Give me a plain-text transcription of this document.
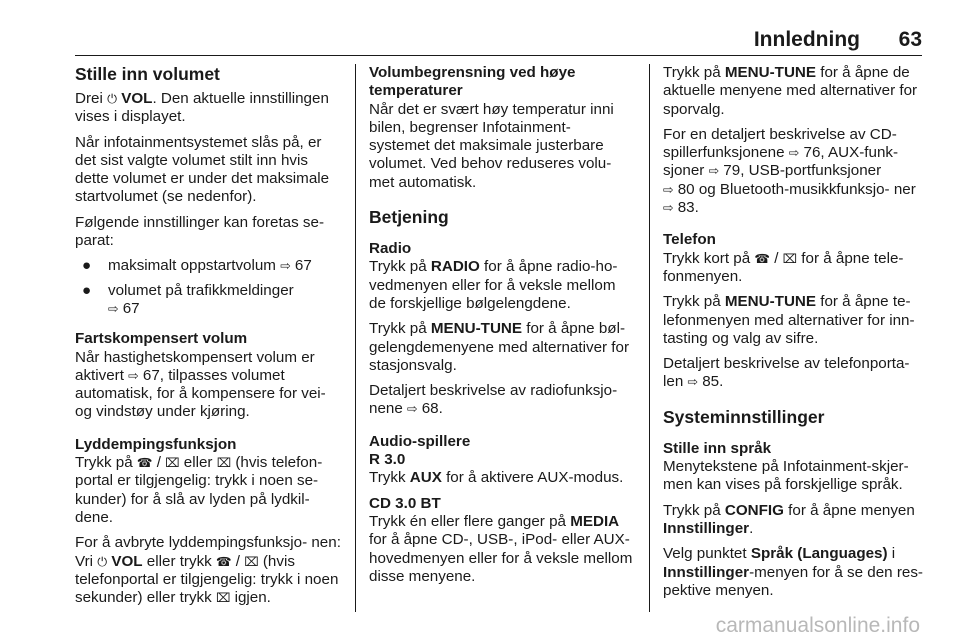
Innledning 63
Stille inn volumet

Drei ⏻ VOL. Den aktuelle innstillingen vises i displayet.

Når infotainmentsystemet slås på, er det sist valgte volumet stilt inn hvis dette volumet er under det maksimale startvolumet (se nedenfor).

Følgende innstillinger kan foretas se‐ parat:

● maksimalt oppstartvolum ⇨ 67
● volumet på trafikkmeldinger
⇨ 67
Fartskompensert volum

Når hastighetskompensert volum er aktivert ⇨ 67, tilpasses volumet automatisk, for å kompensere for vei- og vindstøy under kjøring.

Lyddempingsfunksjon

Trykk på ☎ / ⌧ eller ⌧ (hvis telefon‐ portal er tilgjengelig: trykk i noen se‐ kunder) for å slå av lyden på lydkil‐ dene.

For å avbryte lyddempingsfunksjo‐ nen: Vri ⏻ VOL eller trykk ☎ / ⌧ (hvis telefonportal er tilgjengelig: trykk i noen sekunder) eller trykk ⌧ igjen.

Volumbegrensning ved høye temperaturer

Når det er svært høy temperatur inni bilen, begrenser Infotainment- systemet det maksimale justerbare volumet. Ved behov reduseres volu‐ met automatisk.

Betjening
Radio

Trykk på RADIO for å åpne radio-ho‐ vedmenyen eller for å veksle mellom de forskjellige bølgelengdene.

Trykk på MENU-TUNE for å åpne bøl‐ gelengdemenyene med alternativer for stasjonsvalg.

Detaljert beskrivelse av radiofunksjo‐ nene ⇨ 68.

Audio-spillere
R 3.0

Trykk AUX for å aktivere AUX-modus.

CD 3.0 BT

Trykk én eller flere ganger på MEDIA for å åpne CD-, USB-, iPod- eller AUX-hovedmenyen eller for å veksle mellom disse menyene.

Trykk på MENU-TUNE for å åpne de aktuelle menyene med alternativer for sporvalg.

For en detaljert beskrivelse av CD- spillerfunksjonene ⇨ 76, AUX-funk‐ sjoner ⇨ 79, USB-portfunksjoner
⇨ 80 og Bluetooth-musikkfunksjo‐ ner ⇨ 83.

Telefon

Trykk kort på ☎ / ⌧ for å åpne tele‐ fonmenyen.

Trykk på MENU-TUNE for å åpne te‐ lefonmenyen med alternativer for inn‐ tasting og valg av sifre.

Detaljert beskrivelse av telefonporta‐ len ⇨ 85.

Systeminnstillinger
Stille inn språk

Menytekstene på Infotainment-skjer‐ men kan vises på forskjellige språk.

Trykk på CONFIG for å åpne menyen Innstillinger.

Velg punktet Språk (Languages) i Innstillinger-menyen for å se den res‐ pektive menyen.

carmanualsonline.info
